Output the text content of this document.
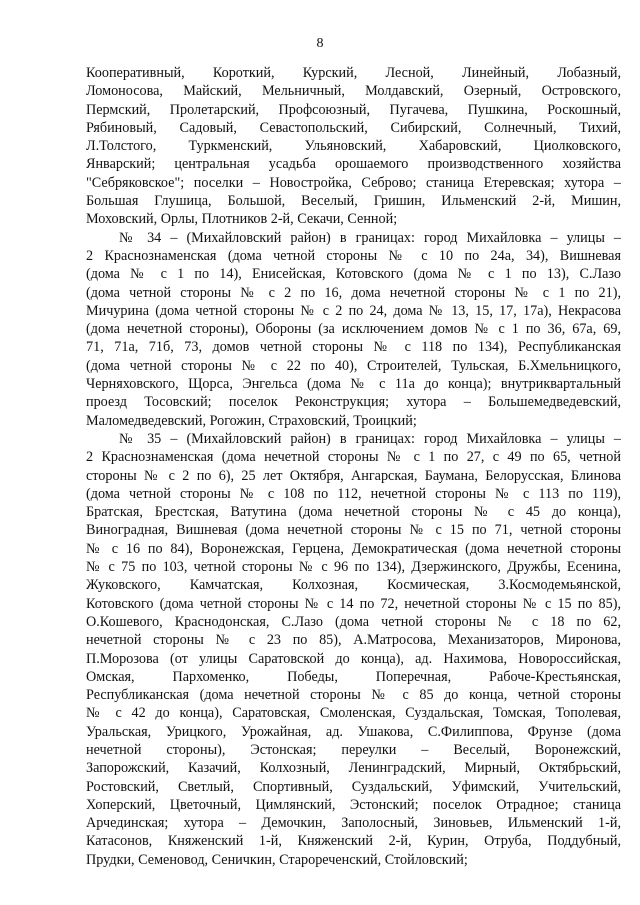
8
Кооперативный, Короткий, Курский, Лесной, Линейный, Лобазный,
Ломоносова, Майский, Мельничный, Молдавский, Озерный, Островского,
Пермский, Пролетарский, Профсоюзный, Пугачева, Пушкина, Роскошный,
Рябиновый, Садовый, Севастопольский, Сибирский, Солнечный, Тихий,
Л.Толстого, Туркменский, Ульяновский, Хабаровский, Циолковского,
Январский; центральная усадьба орошаемого производственного хозяйства
"Себряковское"; поселки – Новостройка, Себрово; станица Етеревская; хутора –
Большая Глушица, Большой, Веселый, Гришин, Ильменский 2-й, Мишин,
Моховский, Орлы, Плотников 2-й, Секачи, Сенной;
№ 34 – (Михайловский район) в границах: город Михайловка – улицы –
2 Краснознаменская (дома четной стороны № с 10 по 24а, 34), Вишневая
(дома № с 1 по 14), Енисейская, Котовского (дома № с 1 по 13), С.Лазо
(дома четной стороны № с 2 по 16, дома нечетной стороны № с 1 по 21),
Мичурина (дома четной стороны № с 2 по 24, дома № 13, 15, 17, 17а), Некрасова
(дома нечетной стороны), Обороны (за исключением домов № с 1 по 36, 67а, 69,
71, 71а, 71б, 73, домов четной стороны № с 118 по 134), Республиканская
(дома четной стороны № с 22 по 40), Строителей, Тульская, Б.Хмельницкого,
Черняховского, Щорса, Энгельса (дома № с 11а до конца); внутриквартальный
проезд Тосовский; поселок Реконструкция; хутора – Большемедведевский,
Маломедведевский, Рогожин, Страховский, Троицкий;
№ 35 – (Михайловский район) в границах: город Михайловка – улицы –
2 Краснознаменская (дома нечетной стороны № с 1 по 27, с 49 по 65, четной
стороны № с 2 по 6), 25 лет Октября, Ангарская, Баумана, Белорусская, Блинова
(дома четной стороны № с 108 по 112, нечетной стороны № с 113 по 119),
Братская, Брестская, Ватутина (дома нечетной стороны № с 45 до конца),
Виноградная, Вишневая (дома нечетной стороны № с 15 по 71, четной стороны
№ с 16 по 84), Воронежская, Герцена, Демократическая (дома нечетной стороны
№ с 75 по 103, четной стороны № с 96 по 134), Дзержинского, Дружбы, Есенина,
Жуковского, Камчатская, Колхозная, Космическая, 3.Космодемьянской,
Котовского (дома четной стороны № с 14 по 72, нечетной стороны № с 15 по 85),
О.Кошевого, Краснодонская, С.Лазо (дома четной стороны № с 18 по 62,
нечетной стороны № с 23 по 85), А.Матросова, Механизаторов, Миронова,
П.Морозова (от улицы Саратовской до конца), ад. Нахимова, Новороссийская,
Омская, Пархоменко, Победы, Поперечная, Рабоче-Крестьянская,
Республиканская (дома нечетной стороны № с 85 до конца, четной стороны
№ с 42 до конца), Саратовская, Смоленская, Суздальская, Томская, Тополевая,
Уральская, Урицкого, Урожайная, ад. Ушакова, С.Филиппова, Фрунзе (дома
нечетной стороны), Эстонская; переулки – Веселый, Воронежский,
Запорожский, Казачий, Колхозный, Ленинградский, Мирный, Октябрьский,
Ростовский, Светлый, Спортивный, Суздальский, Уфимский, Учительский,
Хоперский, Цветочный, Цимлянский, Эстонский; поселок Отрадное; станица
Арчединская; хутора – Демочкин, Заполосный, Зиновьев, Ильменский 1-й,
Катасонов, Княженский 1-й, Княженский 2-й, Курин, Отруба, Поддубный,
Прудки, Семеновод, Сеничкин, Старореченский, Стойловский;
